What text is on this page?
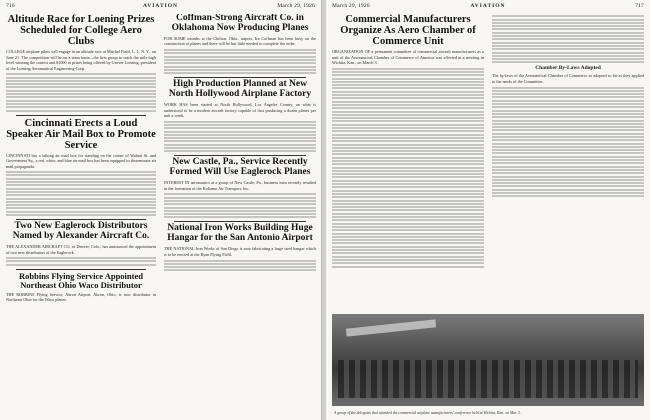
716	AVIATION	March 29, 1926
Altitude Race for Loening Prizes Scheduled for College Aero Clubs
COLLEGE airplane pilots will engage in an altitude race at Mitchel Field, L. I., N. Y., on June 21. The competition will be on a team basis—the first group to reach the mile high level winning the contest and $1000 in prizes being offered by Grover Loening, president of the Loening Aeronautical Engineering Corp.
Cincinnati Erects a Loud Speaker Air Mail Box to Promote Service
CINCINNATI has a talking air mail box for standing on the corner of Walnut St. and Government Sq., a red, white, and blue air mail box has been equipped to disseminate air mail propaganda.
Two New Eaglerock Distributors Named by Alexander Aircraft Co.
THE ALEXANDER AIRCRAFT CO. of Denver, Colo., has announced the appointment of two new distributors of the Eaglerock.
Robbins Flying Service Appointed Northeast Ohio Waco Distributor
THE ROBBINS Flying Service, Akron Airport, Akron, Ohio, is now distributor in Northeast Ohio for the Waco planes.
Coffman-Strong Aircraft Co. in Oklahoma Now Producing Planes
FOR SOME months at the Chilton, Okla., airport, Ira Coffman has been busy on the construction of planes and there will be but little needed to complete the order.
High Production Planned at New North Hollywood Airplane Factory
WORK HAS been started at North Hollywood, Los Angeles County, on what is understood to be a modern aircraft factory capable of first producing a dozen planes per unit a week.
New Castle, Pa., Service Recently Formed Will Use Eaglerock Planes
INTEREST IN aeronautics at a group of New Castle, Pa., business men recently resulted in the formation of the Kokomo Air Transport, Inc.
National Iron Works Building Huge Hangar for the San Antonio Airport
THE NATIONAL Iron Works of San Diego is now fabricating a large steel hangar which is to be erected at the Ryan Flying Field.
March 29, 1926	AVIATION	717
Commercial Manufacturers Organize As Aero Chamber of Commerce Unit
ORGANIZATION OF a permanent committee of commercial aircraft manufacturers as a unit of the Aeronautical Chamber of Commerce of America was effected at a meeting in Wichita, Kan., on March 3.
Chamber By-Laws Adopted
The by-laws of the Aeronautical Chamber of Commerce as adopted so far as they applied to the needs of the Committee.
A group of the delegates that attended the commercial airplane manufacturers' conference held at Wichita, Kan. on Mar. 3.
